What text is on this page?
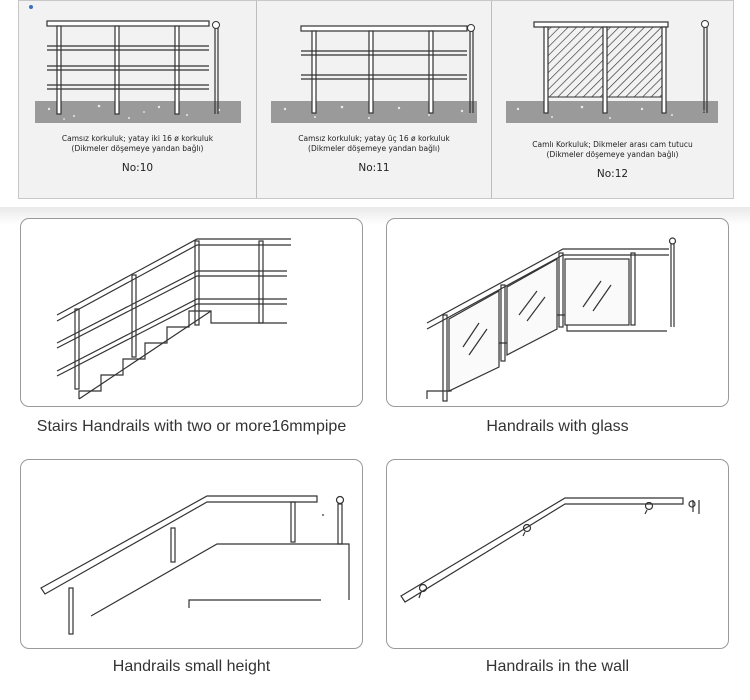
Camsız korkuluk; yatay iki 16 ø korkuluk
(Dikmeler döşemeye yandan bağlı)
No:10
Camsız korkuluk; yatay üç 16 ø korkuluk
(Dikmeler döşemeye yandan bağlı)
No:11
Camlı Korkuluk; Dikmeler arası cam tutucu
(Dikmeler döşemeye yandan bağlı)
No:12
Stairs Handrails with two or more16mmpipe	Handrails with glass
Handrails small height	Handrails in the wall
